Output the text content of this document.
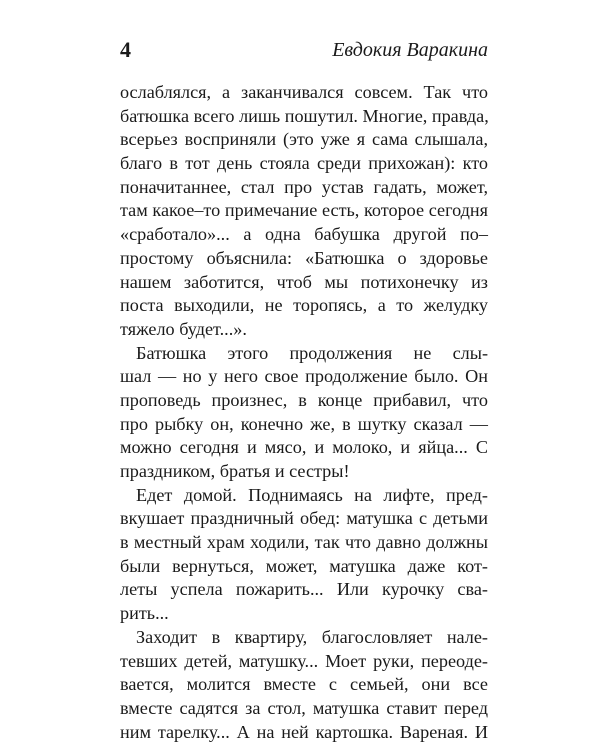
4	Евдокия Варакина
ослаблялся, а заканчивался совсем. Так что
батюшка всего лишь пошутил. Многие, правда,
всерьез восприняли (это уже я сама слышала,
благо в тот день стояла среди прихожан): кто
поначитаннее, стал про устав гадать, может,
там какое–то примечание есть, которое сегодня
«сработало»... а одна бабушка другой по–
простому объяснила: «Батюшка о здоровье
нашем заботится, чтоб мы потихонечку из
поста выходили, не торопясь, а то желудку
тяжело будет...».
Батюшка этого продолжения не слы-
шал — но у него свое продолжение было. Он
проповедь произнес, в конце прибавил, что
про рыбку он, конечно же, в шутку сказал —
можно сегодня и мясо, и молоко, и яйца... С
праздником, братья и сестры!
Едет домой. Поднимаясь на лифте, пред-
вкушает праздничный обед: матушка с детьми
в местный храм ходили, так что давно должны
были вернуться, может, матушка даже кот-
леты успела пожарить... Или курочку сва-
рить...
Заходит в квартиру, благословляет нале-
тевших детей, матушку... Моет руки, переоде-
вается, молится вместе с семьей, они все
вместе садятся за стол, матушка ставит перед
ним тарелку... А на ней картошка. Вареная. И
